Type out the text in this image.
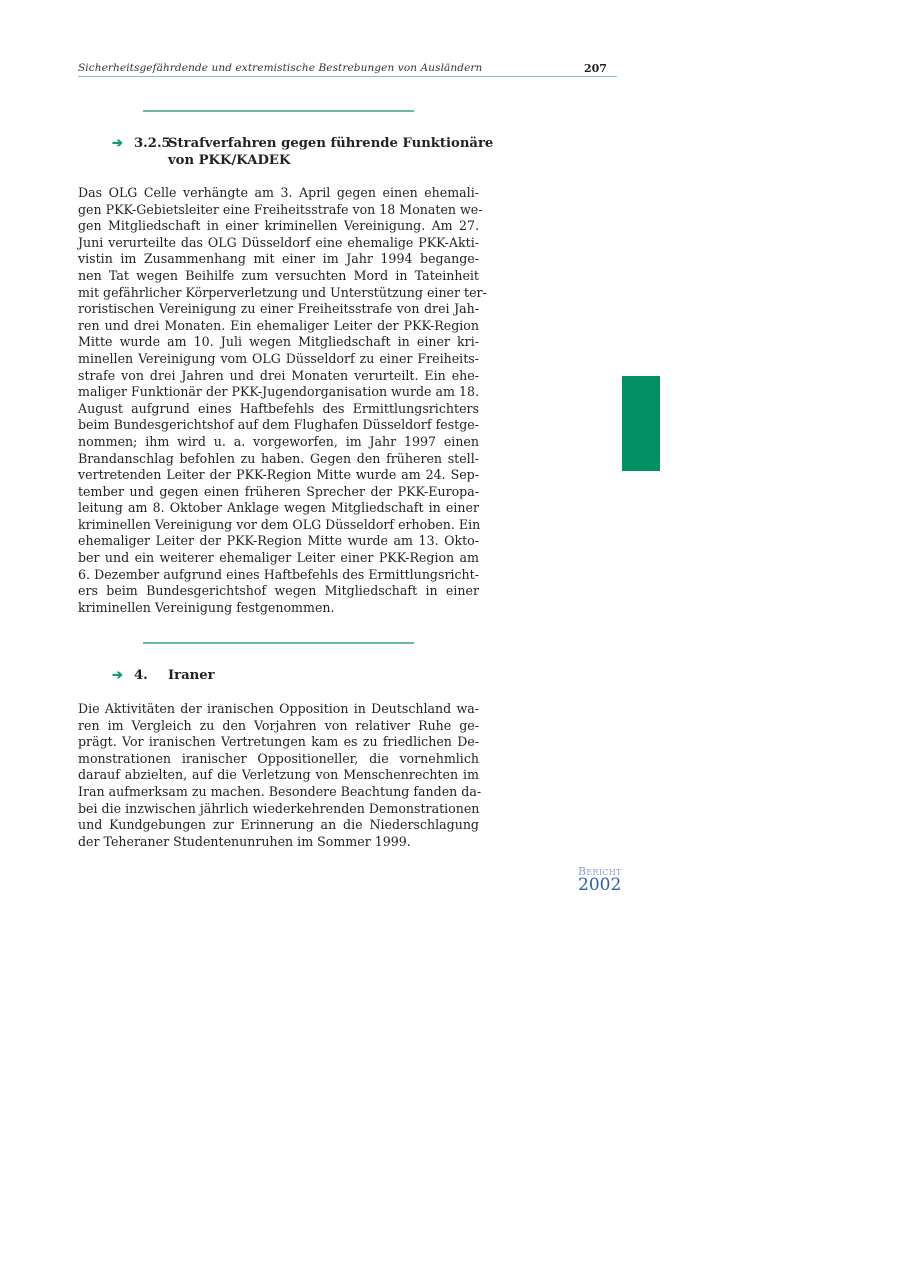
Sicherheitsgefährdende und extremistische Bestrebungen von Ausländern	207
➔ 3.2.5
Strafverfahren gegen führende Funktionäre
von PKK/KADEK
Das OLG Celle verhängte am 3. April gegen einen ehemali-
gen PKK-Gebietsleiter eine Freiheitsstrafe von 18 Monaten we-
gen Mitgliedschaft in einer kriminellen Vereinigung. Am 27.
Juni verurteilte das OLG Düsseldorf eine ehemalige PKK-Akti-
vistin im Zusammenhang mit einer im Jahr 1994 begange-
nen Tat wegen Beihilfe zum versuchten Mord in Tateinheit
mit gefährlicher Körperverletzung und Unterstützung einer ter-
roristischen Vereinigung zu einer Freiheitsstrafe von drei Jah-
ren und drei Monaten. Ein ehemaliger Leiter der PKK-Region
Mitte wurde am 10. Juli wegen Mitgliedschaft in einer kri-
minellen Vereinigung vom OLG Düsseldorf zu einer Freiheits-
strafe von drei Jahren und drei Monaten verurteilt. Ein ehe-
maliger Funktionär der PKK-Jugendorganisation wurde am 18.
August aufgrund eines Haftbefehls des Ermittlungsrichters
beim Bundesgerichtshof auf dem Flughafen Düsseldorf festge-
nommen; ihm wird u. a. vorgeworfen, im Jahr 1997 einen
Brandanschlag befohlen zu haben. Gegen den früheren stell-
vertretenden Leiter der PKK-Region Mitte wurde am 24. Sep-
tember und gegen einen früheren Sprecher der PKK-Europa-
leitung am 8. Oktober Anklage wegen Mitgliedschaft in einer
kriminellen Vereinigung vor dem OLG Düsseldorf erhoben. Ein
ehemaliger Leiter der PKK-Region Mitte wurde am 13. Okto-
ber und ein weiterer ehemaliger Leiter einer PKK-Region am
6. Dezember aufgrund eines Haftbefehls des Ermittlungsricht-
ers beim Bundesgerichtshof wegen Mitgliedschaft in einer
kriminellen Vereinigung festgenommen.
➔ 4. Iraner
Die Aktivitäten der iranischen Opposition in Deutschland wa-
ren im Vergleich zu den Vorjahren von relativer Ruhe ge-
prägt. Vor iranischen Vertretungen kam es zu friedlichen De-
monstrationen iranischer Oppositioneller, die vornehmlich
darauf abzielten, auf die Verletzung von Menschenrechten im
Iran aufmerksam zu machen. Besondere Beachtung fanden da-
bei die inzwischen jährlich wiederkehrenden Demonstrationen
und Kundgebungen zur Erinnerung an die Niederschlagung
der Teheraner Studentenunruhen im Sommer 1999.
Bericht
2002
